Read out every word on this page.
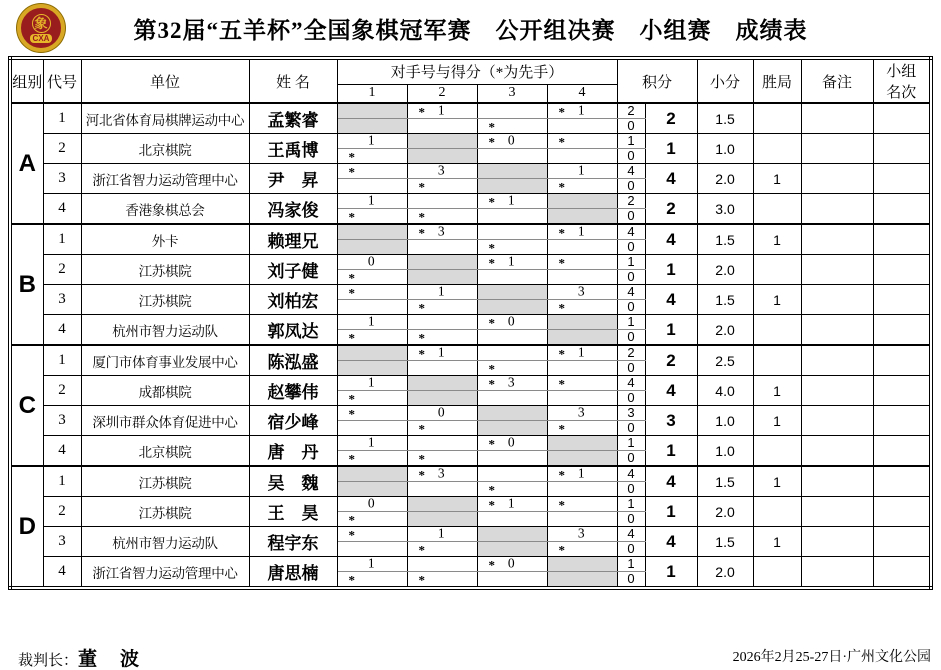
象
CXA	第32届“五羊杯”全国象棋冠军赛　公开组决赛　小组赛　成绩表
组别	代号	单位	姓 名	对手号与得分（*为先手）				积分		小分	胜局	备注	小组
名次
				1	2	3	4						
A	1	河北省体育局棋牌运动中心	孟繁睿		* 1		* 1	2	2	1.5			

						*		0					
	2	北京棋院	王禹博	1		* 0	*	1	1	1.0			

				*				0					
	3	浙江省智力运动管理中心	尹　昇	*	3		1	4	4	2.0	1		

					*		*	0					
	4	香港象棋总会	冯家俊	1		* 1		2	2	3.0			

				*	*			0					
B	1	外卡	赖理兄		* 3		* 1	4	4	1.5	1		

						*		0					
	2	江苏棋院	刘子健	0		* 1	*	1	1	2.0			

				*				0					
	3	江苏棋院	刘柏宏	*	1		3	4	4	1.5	1		

					*		*	0					
	4	杭州市智力运动队	郭凤达	1		* 0		1	1	2.0			

				*	*			0					
C	1	厦门市体育事业发展中心	陈泓盛		* 1		* 1	2	2	2.5			

						*		0					
	2	成都棋院	赵攀伟	1		* 3	*	4	4	4.0	1		

				*				0					
	3	深圳市群众体育促进中心	宿少峰	*	0		3	3	3	1.0	1		

					*		*	0					
	4	北京棋院	唐　丹	1		* 0		1	1	1.0			

				*	*			0					
D	1	江苏棋院	吴　魏		* 3		* 1	4	4	1.5	1		

						*		0					
	2	江苏棋院	王　昊	0		* 1	*	1	1	2.0			

				*				0					
	3	杭州市智力运动队	程宇东	*	1		3	4	4	1.5	1		

					*		*	0					
	4	浙江省智力运动管理中心	唐思楠	1		* 0		1	1	2.0			

				*	*			0					
裁判长：董　波	2026年2月25-27日·广州文化公园
